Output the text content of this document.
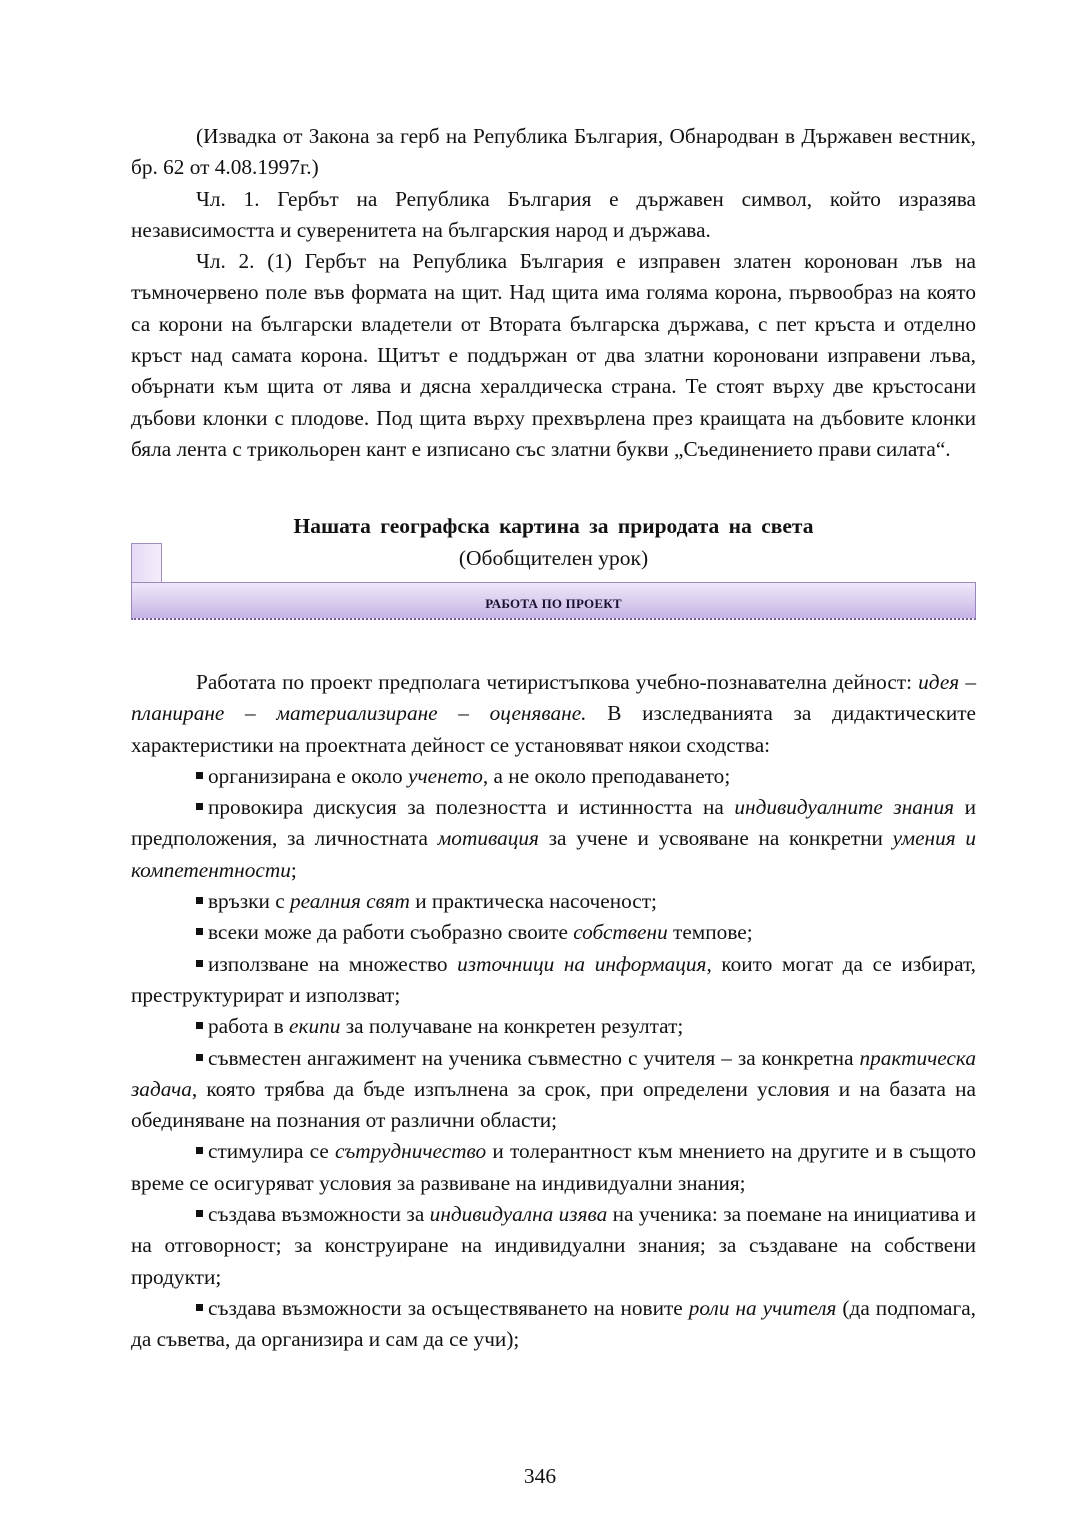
(Извадка от Закона за герб на Република България, Обнародван в Държавен вестник, бр. 62 от 4.08.1997г.)

Чл. 1. Гербът на Република България е държавен символ, който изразява независимостта и суверенитета на българския народ и държава.

Чл. 2. (1) Гербът на Република България е изправен златен коронован лъв на тъмночервено поле във формата на щит. Над щита има голяма корона, първообраз на която са корони на български владетели от Втората българска държава, с пет кръста и отделно кръст над самата корона. Щитът е поддържан от два златни коронoвани изправени лъва, обърнати към щита от лява и дясна хералдическа страна. Те стоят върху две кръстосани дъбови клонки с плодове. Под щита върху прехвърлена през краищата на дъбовите клонки бяла лента с трикольорен кант е изписано със златни букви „Съединението прави силата“.

Нашата географска картина за природата на света
(Обобщителен урок)
РАБОТА ПО ПРОЕКТ

Работата по проект предполага четиристъпкова учебно-познавателна дейност: идея – планиране – материализиране – оценяване. В изследванията за дидактическите характеристики на проектната дейност се установяват някои сходства:

организирана е около ученето, а не около преподаването;

провокира дискусия за полезността и истинността на индивидуалните знания и предположения, за личностната мотивация за учене и усвояване на конкретни умения и компетентности;

връзки с реалния свят и практическа насоченост;

всеки може да работи съобразно своите собствени темпове;

използване на множество източници на информация, които могат да се избират, преструктурират и използват;

работа в екипи за получаване на конкретен резултат;

съвместен ангажимент на ученика съвместно с учителя – за конкретна практическа задача, която трябва да бъде изпълнена за срок, при определени условия и на базата на обединяване на познания от различни области;

стимулира се сътрудничество и толерантност към мнението на другите и в същото време се осигуряват условия за развиване на индивидуални знания;

създава възможности за индивидуална изява на ученика: за поемане на инициатива и на отговорност; за конструиране на индивидуални знания; за създаване на собствени продукти;

създава възможности за осъществяването на новите роли на учителя (да подпомага, да съветва, да организира и сам да се учи);

346
